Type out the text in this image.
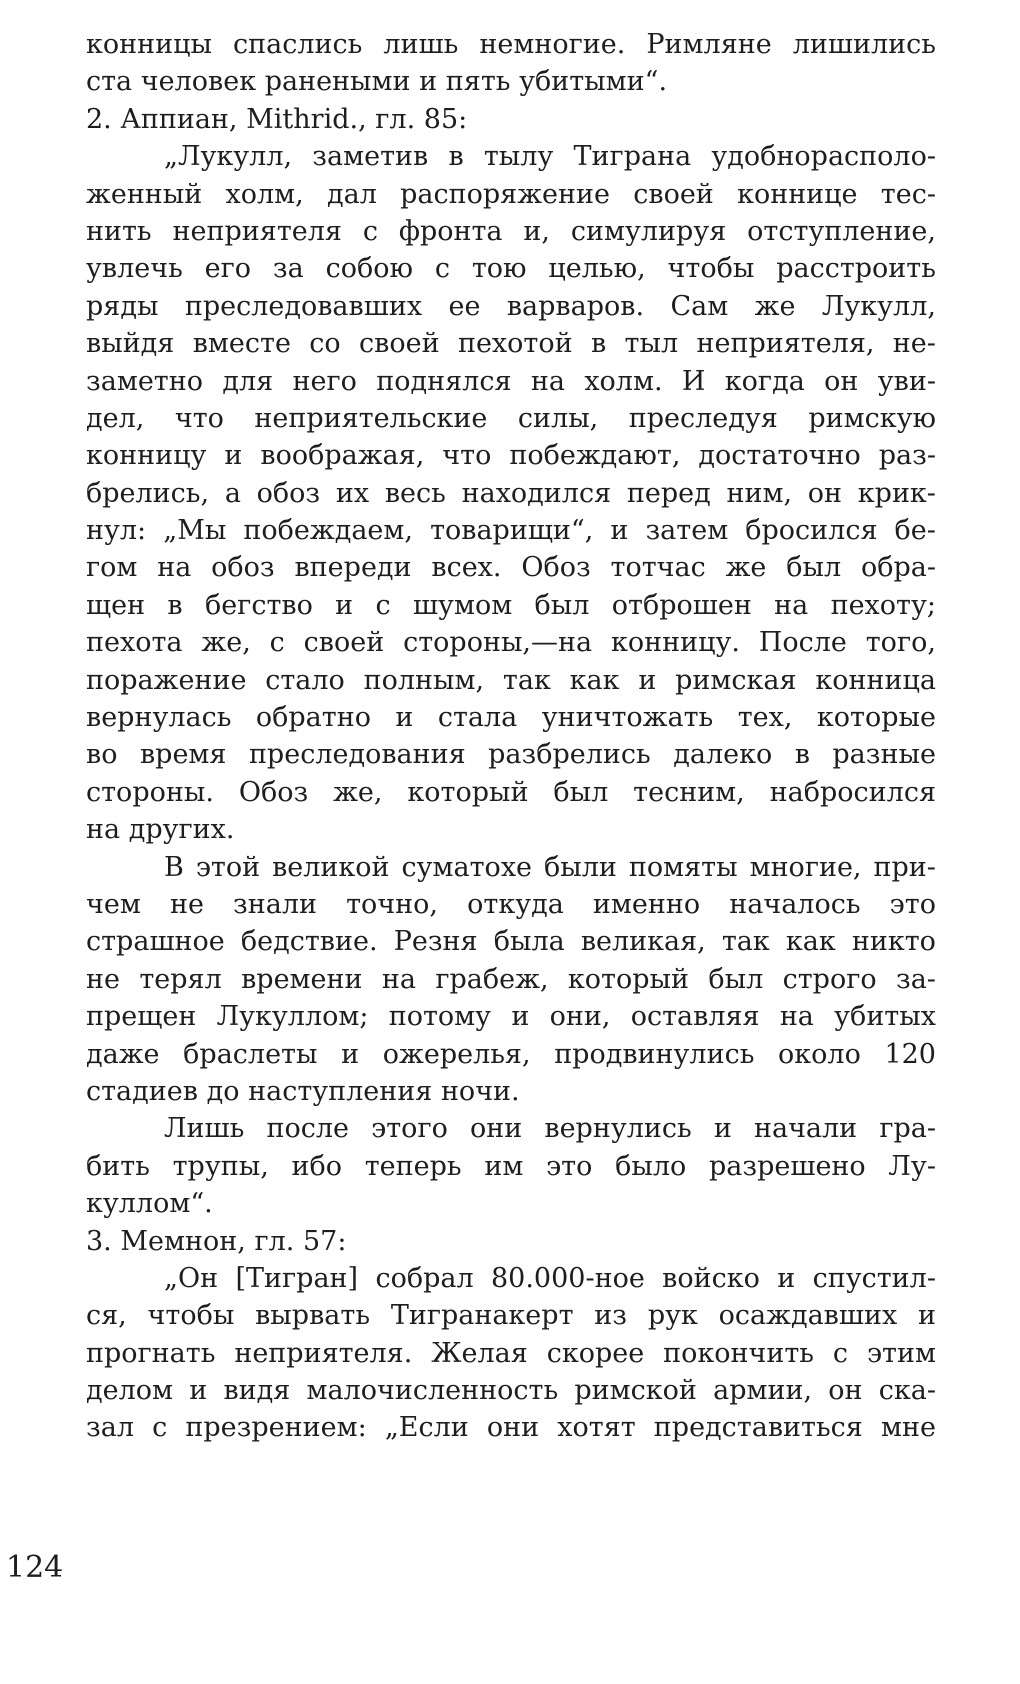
конницы спаслись лишь немногие. Римляне лишились
ста человек ранеными и пять убитыми“.
2. Аппиан, Mithrid., гл. 85:
„Лукулл, заметив в тылу Тиграна удобнорасполо-
женный холм, дал распоряжение своей коннице тес-
нить неприятеля с фронта и, симулируя отступление,
увлечь его за собою с тою целью, чтобы расстроить
ряды преследовавших ее варваров. Сам же Лукулл,
выйдя вместе со своей пехотой в тыл неприятеля, не-
заметно для него поднялся на холм. И когда он уви-
дел, что неприятельские силы, преследуя римскую
конницу и воображая, что побеждают, достаточно раз-
брелись, а обоз их весь находился перед ним, он крик-
нул: „Мы побеждаем, товарищи“, и затем бросился бе-
гом на обоз впереди всех. Обоз тотчас же был обра-
щен в бегство и с шумом был отброшен на пехоту;
пехота же, с своей стороны,—на конницу. После того,
поражение стало полным, так как и римская конница
вернулась обратно и стала уничтожать тех, которые
во время преследования разбрелись далеко в разные
стороны. Обоз же, который был тесним, набросился
на других.
В этой великой суматохе были помяты многие, при-
чем не знали точно, откуда именно началось это
страшное бедствие. Резня была великая, так как никто
не терял времени на грабеж, который был строго за-
прещен Лукуллом; потому и они, оставляя на убитых
даже браслеты и ожерелья, продвинулись около 120
стадиев до наступления ночи.
Лишь после этого они вернулись и начали гра-
бить трупы, ибо теперь им это было разрешено Лу-
куллом“.
3. Мемнон, гл. 57:
„Он [Тигран] собрал 80.000-ное войско и спустил-
ся, чтобы вырвать Тигранакерт из рук осаждавших и
прогнать неприятеля. Желая скорее покончить с этим
делом и видя малочисленность римской армии, он ска-
зал с презрением: „Если они хотят представиться мне
124
